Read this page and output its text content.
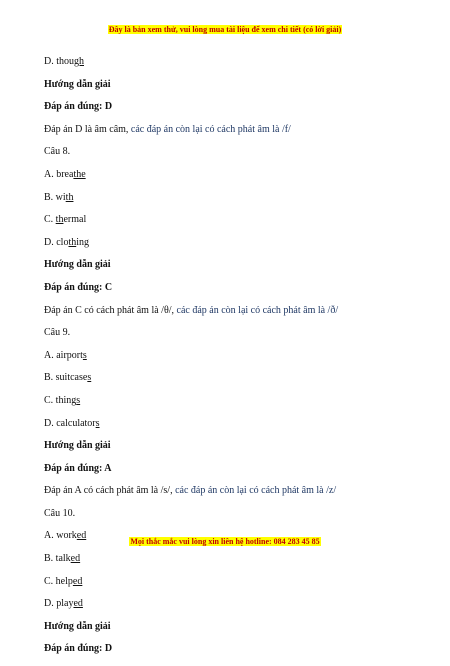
Đây là bản xem thử, vui lòng mua tài liệu để xem chi tiết (có lời giải)
D. though
Hướng dẫn giải
Đáp án đúng: D
Đáp án D là âm câm, các đáp án còn lại có cách phát âm là /f/
Câu 8.
A. breathe
B. with
C. thermal
D. clothing
Hướng dẫn giải
Đáp án đúng: C
Đáp án C có cách phát âm là /θ/, các đáp án còn lại có cách phát âm là /ð/
Câu 9.
A. airports
B. suitcases
C. things
D. calculators
Hướng dẫn giải
Đáp án đúng: A
Đáp án A có cách phát âm là /s/, các đáp án còn lại có cách phát âm là /z/
Câu 10.
A. worked
B. talked
C. helped
D. played
Hướng dẫn giải
Đáp án đúng: D
Mọi thắc mắc vui lòng xin liên hệ hotline: 084 283 45 85
